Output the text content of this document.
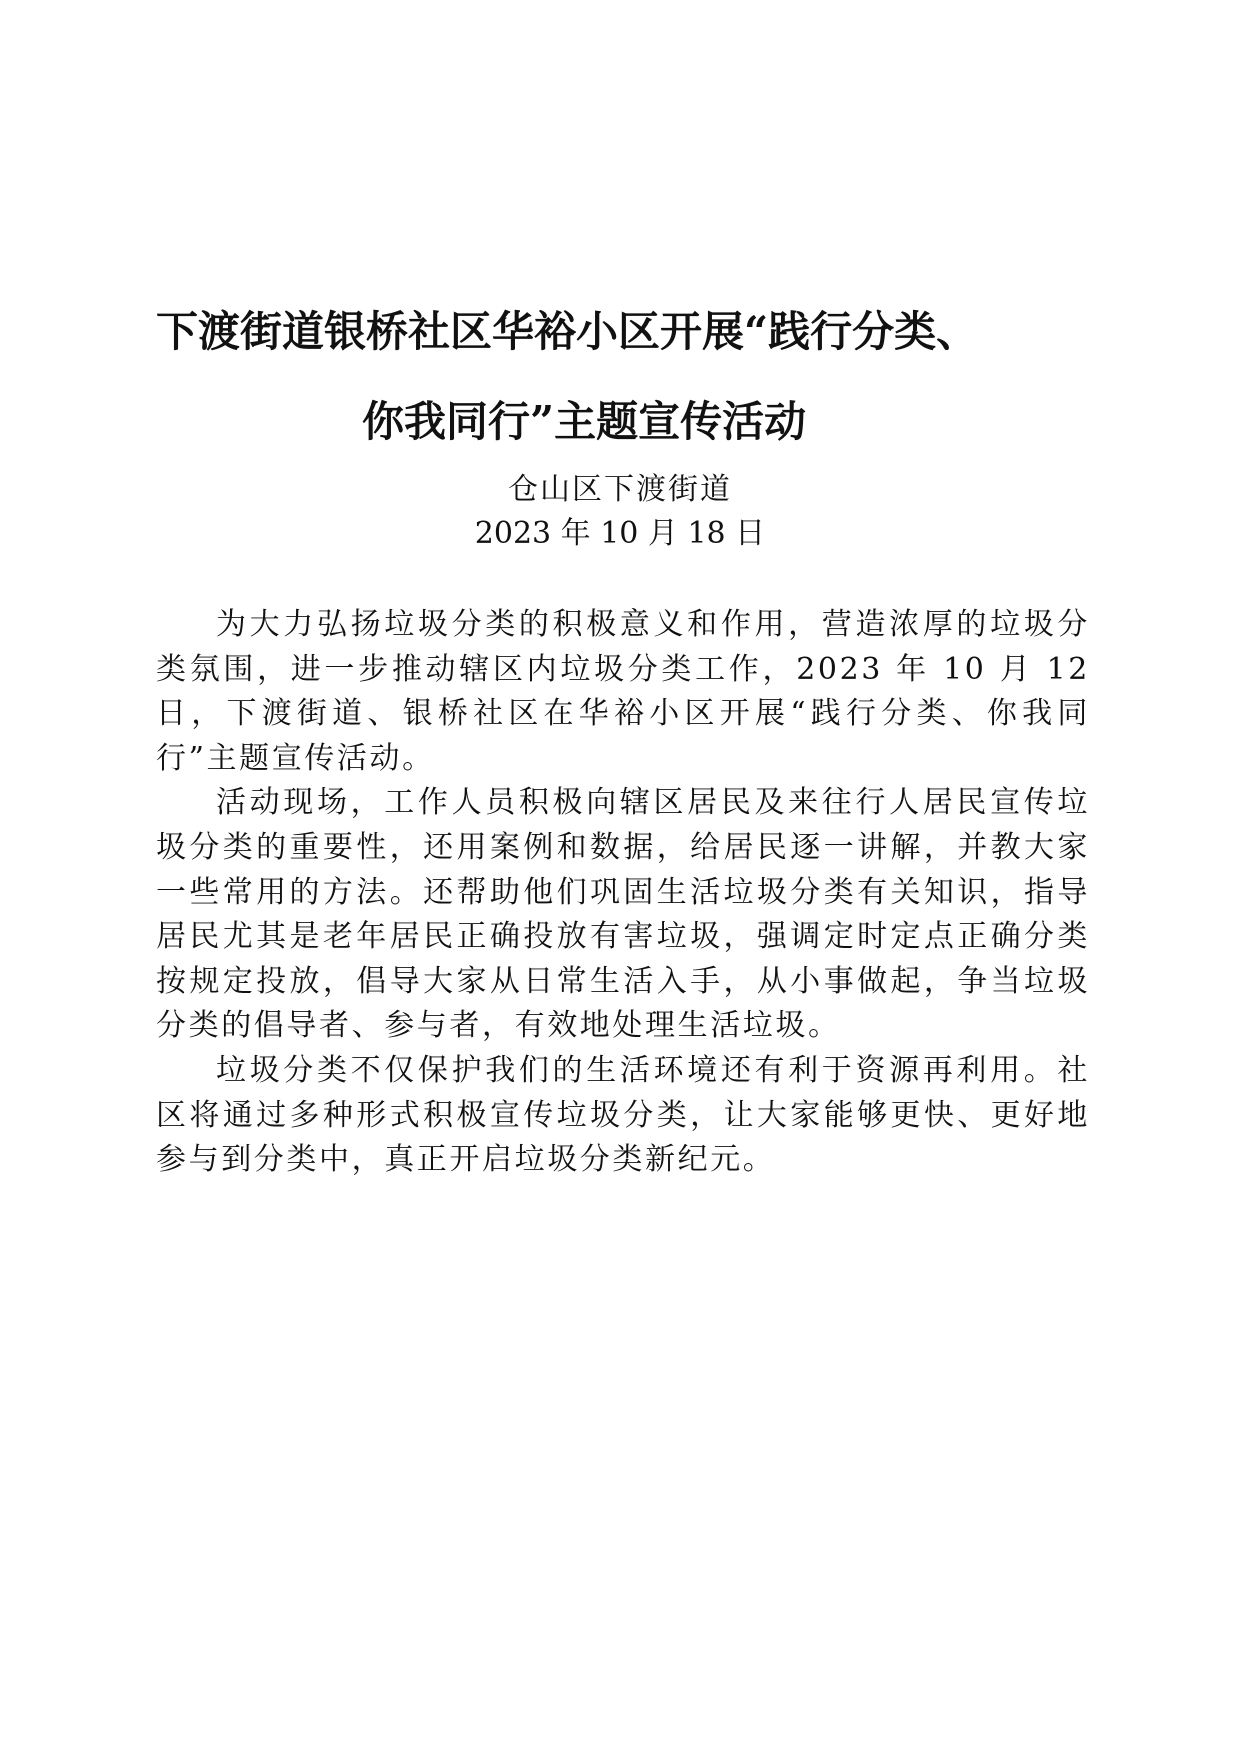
下渡街道银桥社区华裕小区开展“践行分类、
你我同行”主题宣传活动
仓山区下渡街道
2023 年 10 月 18 日

为大力弘扬垃圾分类的积极意义和作用，营造浓厚的垃圾分类氛围，进一步推动辖区内垃圾分类工作，2023 年 10 月 12 日，下渡街道、银桥社区在华裕小区开展“践行分类、你我同行”主题宣传活动。

活动现场，工作人员积极向辖区居民及来往行人居民宣传垃圾分类的重要性，还用案例和数据，给居民逐一讲解，并教大家一些常用的方法。还帮助他们巩固生活垃圾分类有关知识，指导居民尤其是老年居民正确投放有害垃圾，强调定时定点正确分类按规定投放，倡导大家从日常生活入手，从小事做起，争当垃圾分类的倡导者、参与者，有效地处理生活垃圾。

垃圾分类不仅保护我们的生活环境还有利于资源再利用。社区将通过多种形式积极宣传垃圾分类，让大家能够更快、更好地参与到分类中，真正开启垃圾分类新纪元。
